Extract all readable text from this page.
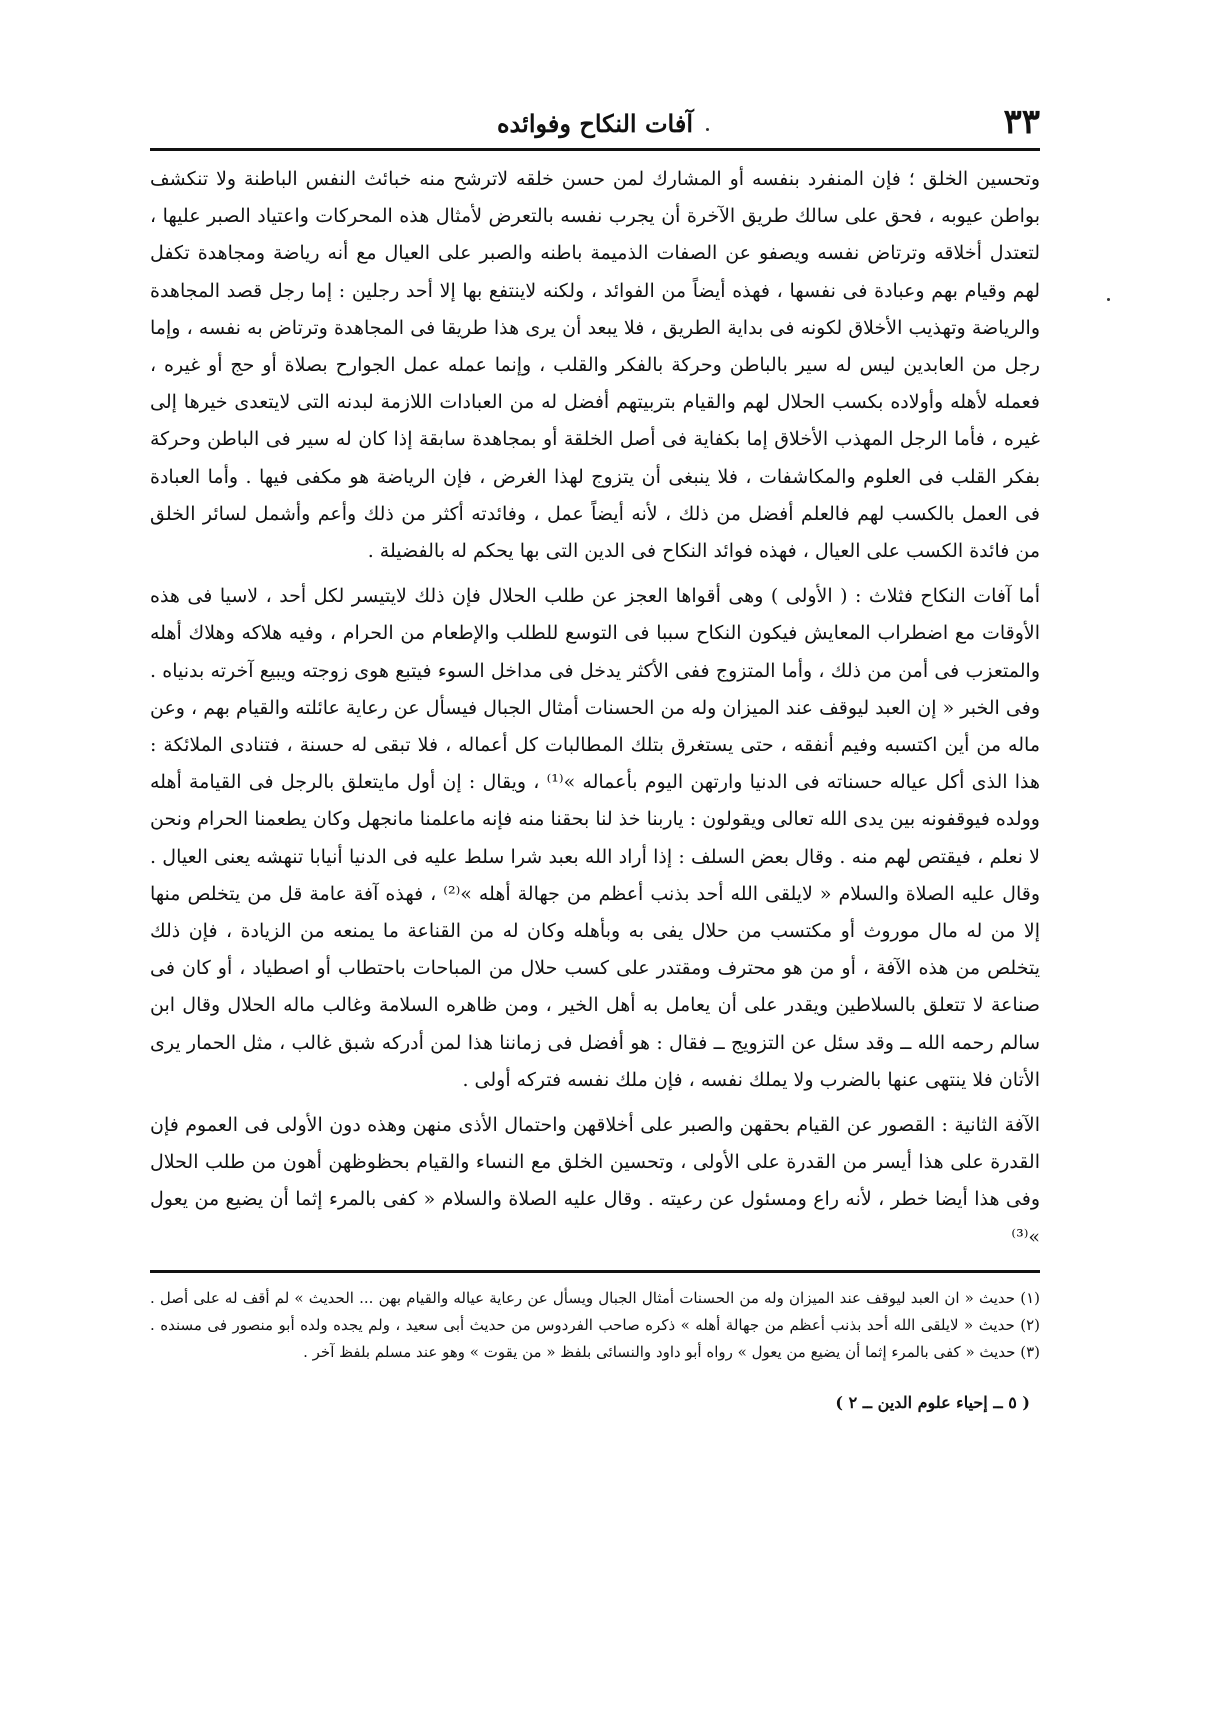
٣٣
آفات النكاح وفوائده

وتحسين الخلق ؛ فإن المنفرد بنفسه أو المشارك لمن حسن خلقه لاترشح منه خبائث النفس الباطنة ولا تنكشف بواطن عيوبه ، فحق على سالك طريق الآخرة أن يجرب نفسه بالتعرض لأمثال هذه المحركات واعتياد الصبر عليها ، لتعتدل أخلاقه وترتاض نفسه ويصفو عن الصفات الذميمة باطنه والصبر على العيال مع أنه رياضة ومجاهدة تكفل لهم وقيام بهم وعبادة فى نفسها ، فهذه أيضاً من الفوائد ، ولكنه لاينتفع بها إلا أحد رجلين : إما رجل قصد المجاهدة والرياضة وتهذيب الأخلاق لكونه فى بداية الطريق ، فلا يبعد أن يرى هذا طريقا فى المجاهدة وترتاض به نفسه ، وإما رجل من العابدين ليس له سير بالباطن وحركة بالفكر والقلب ، وإنما عمله عمل الجوارح بصلاة أو حج أو غيره ، فعمله لأهله وأولاده بكسب الحلال لهم والقيام بتربيتهم أفضل له من العبادات اللازمة لبدنه التى لايتعدى خيرها إلى غيره ، فأما الرجل المهذب الأخلاق إما بكفاية فى أصل الخلقة أو بمجاهدة سابقة إذا كان له سير فى الباطن وحركة بفكر القلب فى العلوم والمكاشفات ، فلا ينبغى أن يتزوج لهذا الغرض ، فإن الرياضة هو مكفى فيها . وأما العبادة فى العمل بالكسب لهم فالعلم أفضل من ذلك ، لأنه أيضاً عمل ، وفائدته أكثر من ذلك وأعم وأشمل لسائر الخلق من فائدة الكسب على العيال ، فهذه فوائد النكاح فى الدين التى بها يحكم له بالفضيلة .

أما آفات النكاح فثلاث : ( الأولى ) وهى أقواها العجز عن طلب الحلال فإن ذلك لايتيسر لكل أحد ، لاسيا فى هذه الأوقات مع اضطراب المعايش فيكون النكاح سببا فى التوسع للطلب والإطعام من الحرام ، وفيه هلاكه وهلاك أهله والمتعزب فى أمن من ذلك ، وأما المتزوج ففى الأكثر يدخل فى مداخل السوء فيتبع هوى زوجته ويبيع آخرته بدنياه . وفى الخبر « إن العبد ليوقف عند الميزان وله من الحسنات أمثال الجبال فيسأل عن رعاية عائلته والقيام بهم ، وعن ماله من أين اكتسبه وفيم أنفقه ، حتى يستغرق بتلك المطالبات كل أعماله ، فلا تبقى له حسنة ، فتنادى الملائكة : هذا الذى أكل عياله حسناته فى الدنيا وارتهن اليوم بأعماله »⁽¹⁾ ، ويقال : إن أول مايتعلق بالرجل فى القيامة أهله وولده فيوقفونه بين يدى الله تعالى ويقولون : ياربنا خذ لنا بحقنا منه فإنه ماعلمنا مانجهل وكان يطعمنا الحرام ونحن لا نعلم ، فيقتص لهم منه . وقال بعض السلف : إذا أراد الله بعبد شرا سلط عليه فى الدنيا أنيابا تنهشه يعنى العيال . وقال عليه الصلاة والسلام « لايلقى الله أحد بذنب أعظم من جهالة أهله »⁽²⁾ ، فهذه آفة عامة قل من يتخلص منها إلا من له مال موروث أو مكتسب من حلال يفى به وبأهله وكان له من القناعة ما يمنعه من الزيادة ، فإن ذلك يتخلص من هذه الآفة ، أو من هو محترف ومقتدر على كسب حلال من المباحات باحتطاب أو اصطياد ، أو كان فى صناعة لا تتعلق بالسلاطين ويقدر على أن يعامل به أهل الخير ، ومن ظاهره السلامة وغالب ماله الحلال وقال ابن سالم رحمه الله ــ وقد سئل عن التزويج ــ فقال : هو أفضل فى زماننا هذا لمن أدركه شبق غالب ، مثل الحمار يرى الأتان فلا ينتهى عنها بالضرب ولا يملك نفسه ، فإن ملك نفسه فتركه أولى .

الآفة الثانية : القصور عن القيام بحقهن والصبر على أخلاقهن واحتمال الأذى منهن وهذه دون الأولى فى العموم فإن القدرة على هذا أيسر من القدرة على الأولى ، وتحسين الخلق مع النساء والقيام بحظوظهن أهون من طلب الحلال وفى هذا أيضا خطر ، لأنه راع ومسئول عن رعيته . وقال عليه الصلاة والسلام « كفى بالمرء إثما أن يضيع من يعول »⁽³⁾

(١) حديث « ان العبد ليوقف عند الميزان وله من الحسنات أمثال الجبال ويسأل عن رعاية عياله والقيام بهن ... الحديث » لم أقف له على أصل . (٢) حديث « لايلقى الله أحد بذنب أعظم من جهالة أهله » ذكره صاحب الفردوس من حديث أبى سعيد ، ولم يجده ولده أبو منصور فى مسنده . (٣) حديث « كفى بالمرء إثما أن يضيع من يعول » رواه أبو داود والنسائى بلفظ « من يقوت » وهو عند مسلم بلفظ آخر .

( ٥ ــ إحياء علوم الدين ــ ٢ )
